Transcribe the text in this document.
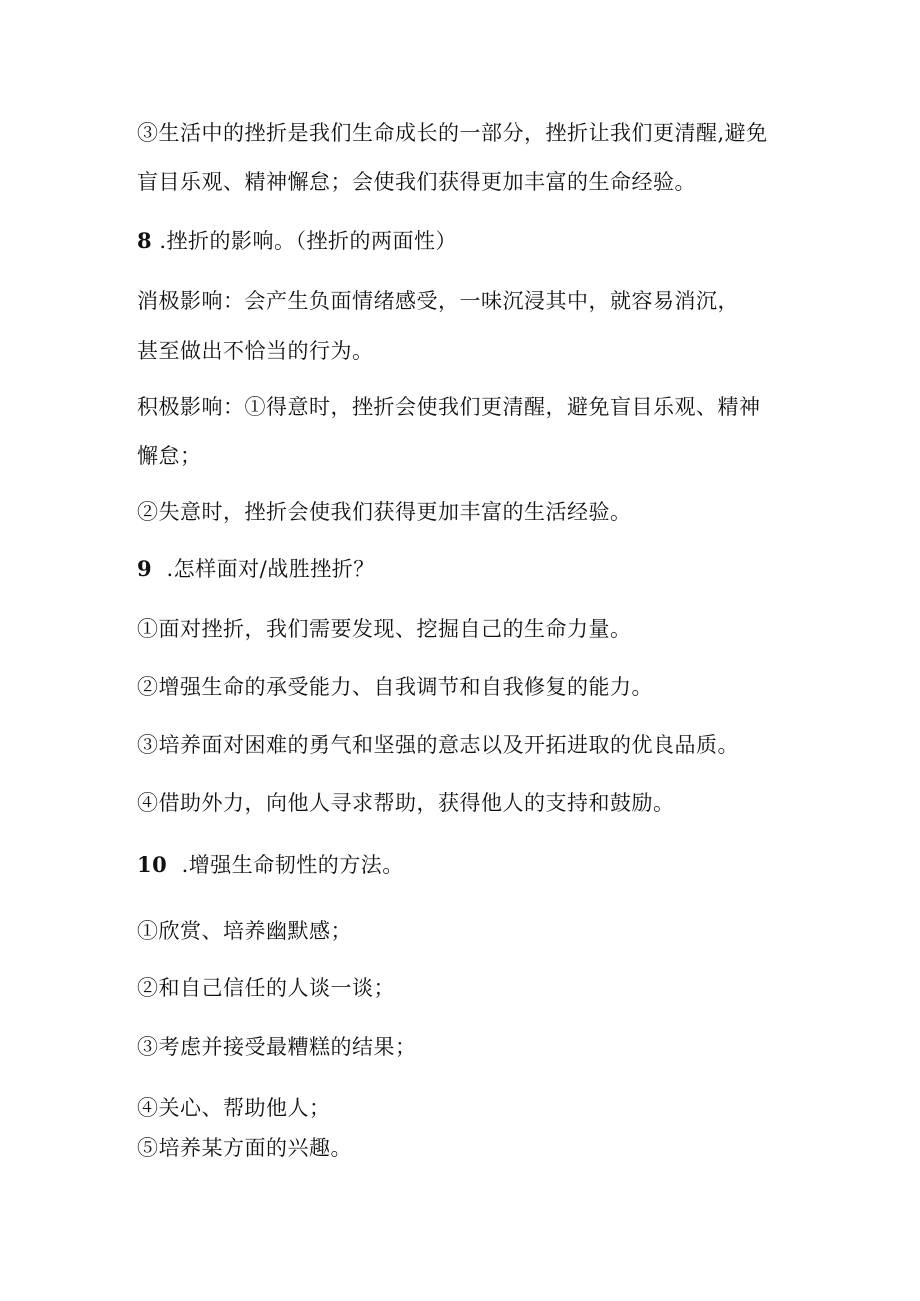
③生活中的挫折是我们生命成长的一部分，挫折让我们更清醒,避免
盲目乐观、精神懈怠；会使我们获得更加丰富的生命经验。
8 .挫折的影响。（挫折的两面性）
消极影响：会产生负面情绪感受，一味沉浸其中，就容易消沉，
甚至做出不恰当的行为。
积极影响：①得意时，挫折会使我们更清醒，避免盲目乐观、精神
懈怠；
②失意时，挫折会使我们获得更加丰富的生活经验。
9 .怎样面对/战胜挫折？
①面对挫折，我们需要发现、挖掘自己的生命力量。
②增强生命的承受能力、自我调节和自我修复的能力。
③培养面对困难的勇气和坚强的意志以及开拓进取的优良品质。
④借助外力，向他人寻求帮助，获得他人的支持和鼓励。
10 .增强生命韧性的方法。
①欣赏、培养幽默感；
②和自己信任的人谈一谈；
③考虑并接受最糟糕的结果；
④关心、帮助他人；
⑤培养某方面的兴趣。
